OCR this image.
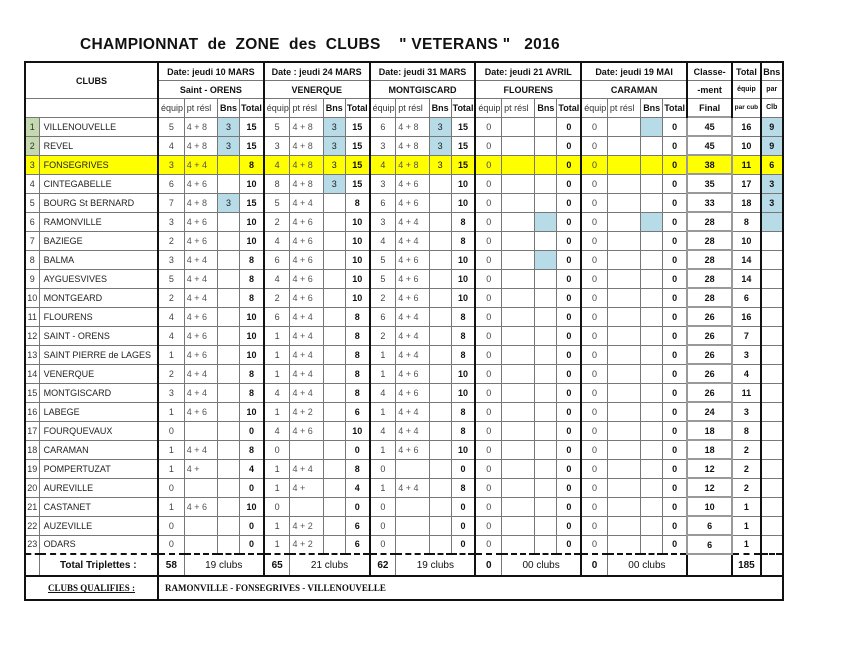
CHAMPIONNAT  de  ZONE  des  CLUBS    " VETERANS "   2016
CLUBS		Date: jeudi 10 MARS				Date : jeudi 24 MARS				Date: jeudi 31 MARS				Date: jeudi 21 AVRIL				Date: jeudi 19 MAI				Classe-	Total	Bns
		Saint - ORENS				VENERQUE				MONTGISCARD				FLOURENS				CARAMAN				-ment	équip	par
		équip	pt résl	Bns	Total	équip	pt résl	Bns	Total	équip	pt résl	Bns	Total	équip	pt résl	Bns	Total	équip	pt résl	Bns	Total	Final	par cub	Clb
1	VILLENOUVELLE	5	4 + 8	3	15	5	4 + 8	3	15	6	4 + 8	3	15	0			0	0			0	45	16	9
2	REVEL	4	4 + 8	3	15	3	4 + 8	3	15	3	4 + 8	3	15	0			0	0			0	45	10	9
3	FONSEGRIVES	3	4 + 4		8	4	4 + 8	3	15	4	4 + 8	3	15	0			0	0			0	38	11	6
4	CINTEGABELLE	6	4 + 6		10	8	4 + 8	3	15	3	4 + 6		10	0			0	0			0	35	17	3
5	BOURG St BERNARD	7	4 + 8	3	15	5	4 + 4		8	6	4 + 6		10	0			0	0			0	33	18	3
6	RAMONVILLE	3	4 + 6		10	2	4 + 6		10	3	4 + 4		8	0			0	0			0	28	8	
7	BAZIEGE	2	4 + 6		10	4	4 + 6		10	4	4 + 4		8	0			0	0			0	28	10	
8	BALMA	3	4 + 4		8	6	4 + 6		10	5	4 + 6		10	0			0	0			0	28	14	
9	AYGUESVIVES	5	4 + 4		8	4	4 + 6		10	5	4 + 6		10	0			0	0			0	28	14	
10	MONTGEARD	2	4 + 4		8	2	4 + 6		10	2	4 + 6		10	0			0	0			0	28	6	
11	FLOURENS	4	4 + 6		10	6	4 + 4		8	6	4 + 4		8	0			0	0			0	26	16	
12	SAINT - ORENS	4	4 + 6		10	1	4 + 4		8	2	4 + 4		8	0			0	0			0	26	7	
13	SAINT PIERRE de LAGES	1	4 + 6		10	1	4 + 4		8	1	4 + 4		8	0			0	0			0	26	3	
14	VENERQUE	2	4 + 4		8	1	4 + 4		8	1	4 + 6		10	0			0	0			0	26	4	
15	MONTGISCARD	3	4 + 4		8	4	4 + 4		8	4	4 + 6		10	0			0	0			0	26	11	
16	LABEGE	1	4 + 6		10	1	4 + 2		6	1	4 + 4		8	0			0	0			0	24	3	
17	FOURQUEVAUX	0			0	4	4 + 6		10	4	4 + 4		8	0			0	0			0	18	8	
18	CARAMAN	1	4 + 4		8	0			0	1	4 + 6		10	0			0	0			0	18	2	
19	POMPERTUZAT	1	4 +		4	1	4 + 4		8	0			0	0			0	0			0	12	2	
20	AUREVILLE	0			0	1	4 +		4	1	4 + 4		8	0			0	0			0	12	2	
21	CASTANET	1	4 + 6		10	0			0	0			0	0			0	0			0	10	1	
22	AUZEVILLE	0			0	1	4 + 2		6	0			0	0			0	0			0	6	1	
23	ODARS	0			0	1	4 + 2		6	0			0	0			0	0			0	6	1	
	Total Triplettes :	58	19 clubs			65	21 clubs			62	19 clubs			0	00 clubs			0	00 clubs				185	
CLUBS QUALIFIES :		RAMONVILLE - FONSEGRIVES - VILLENOUVELLE																						
